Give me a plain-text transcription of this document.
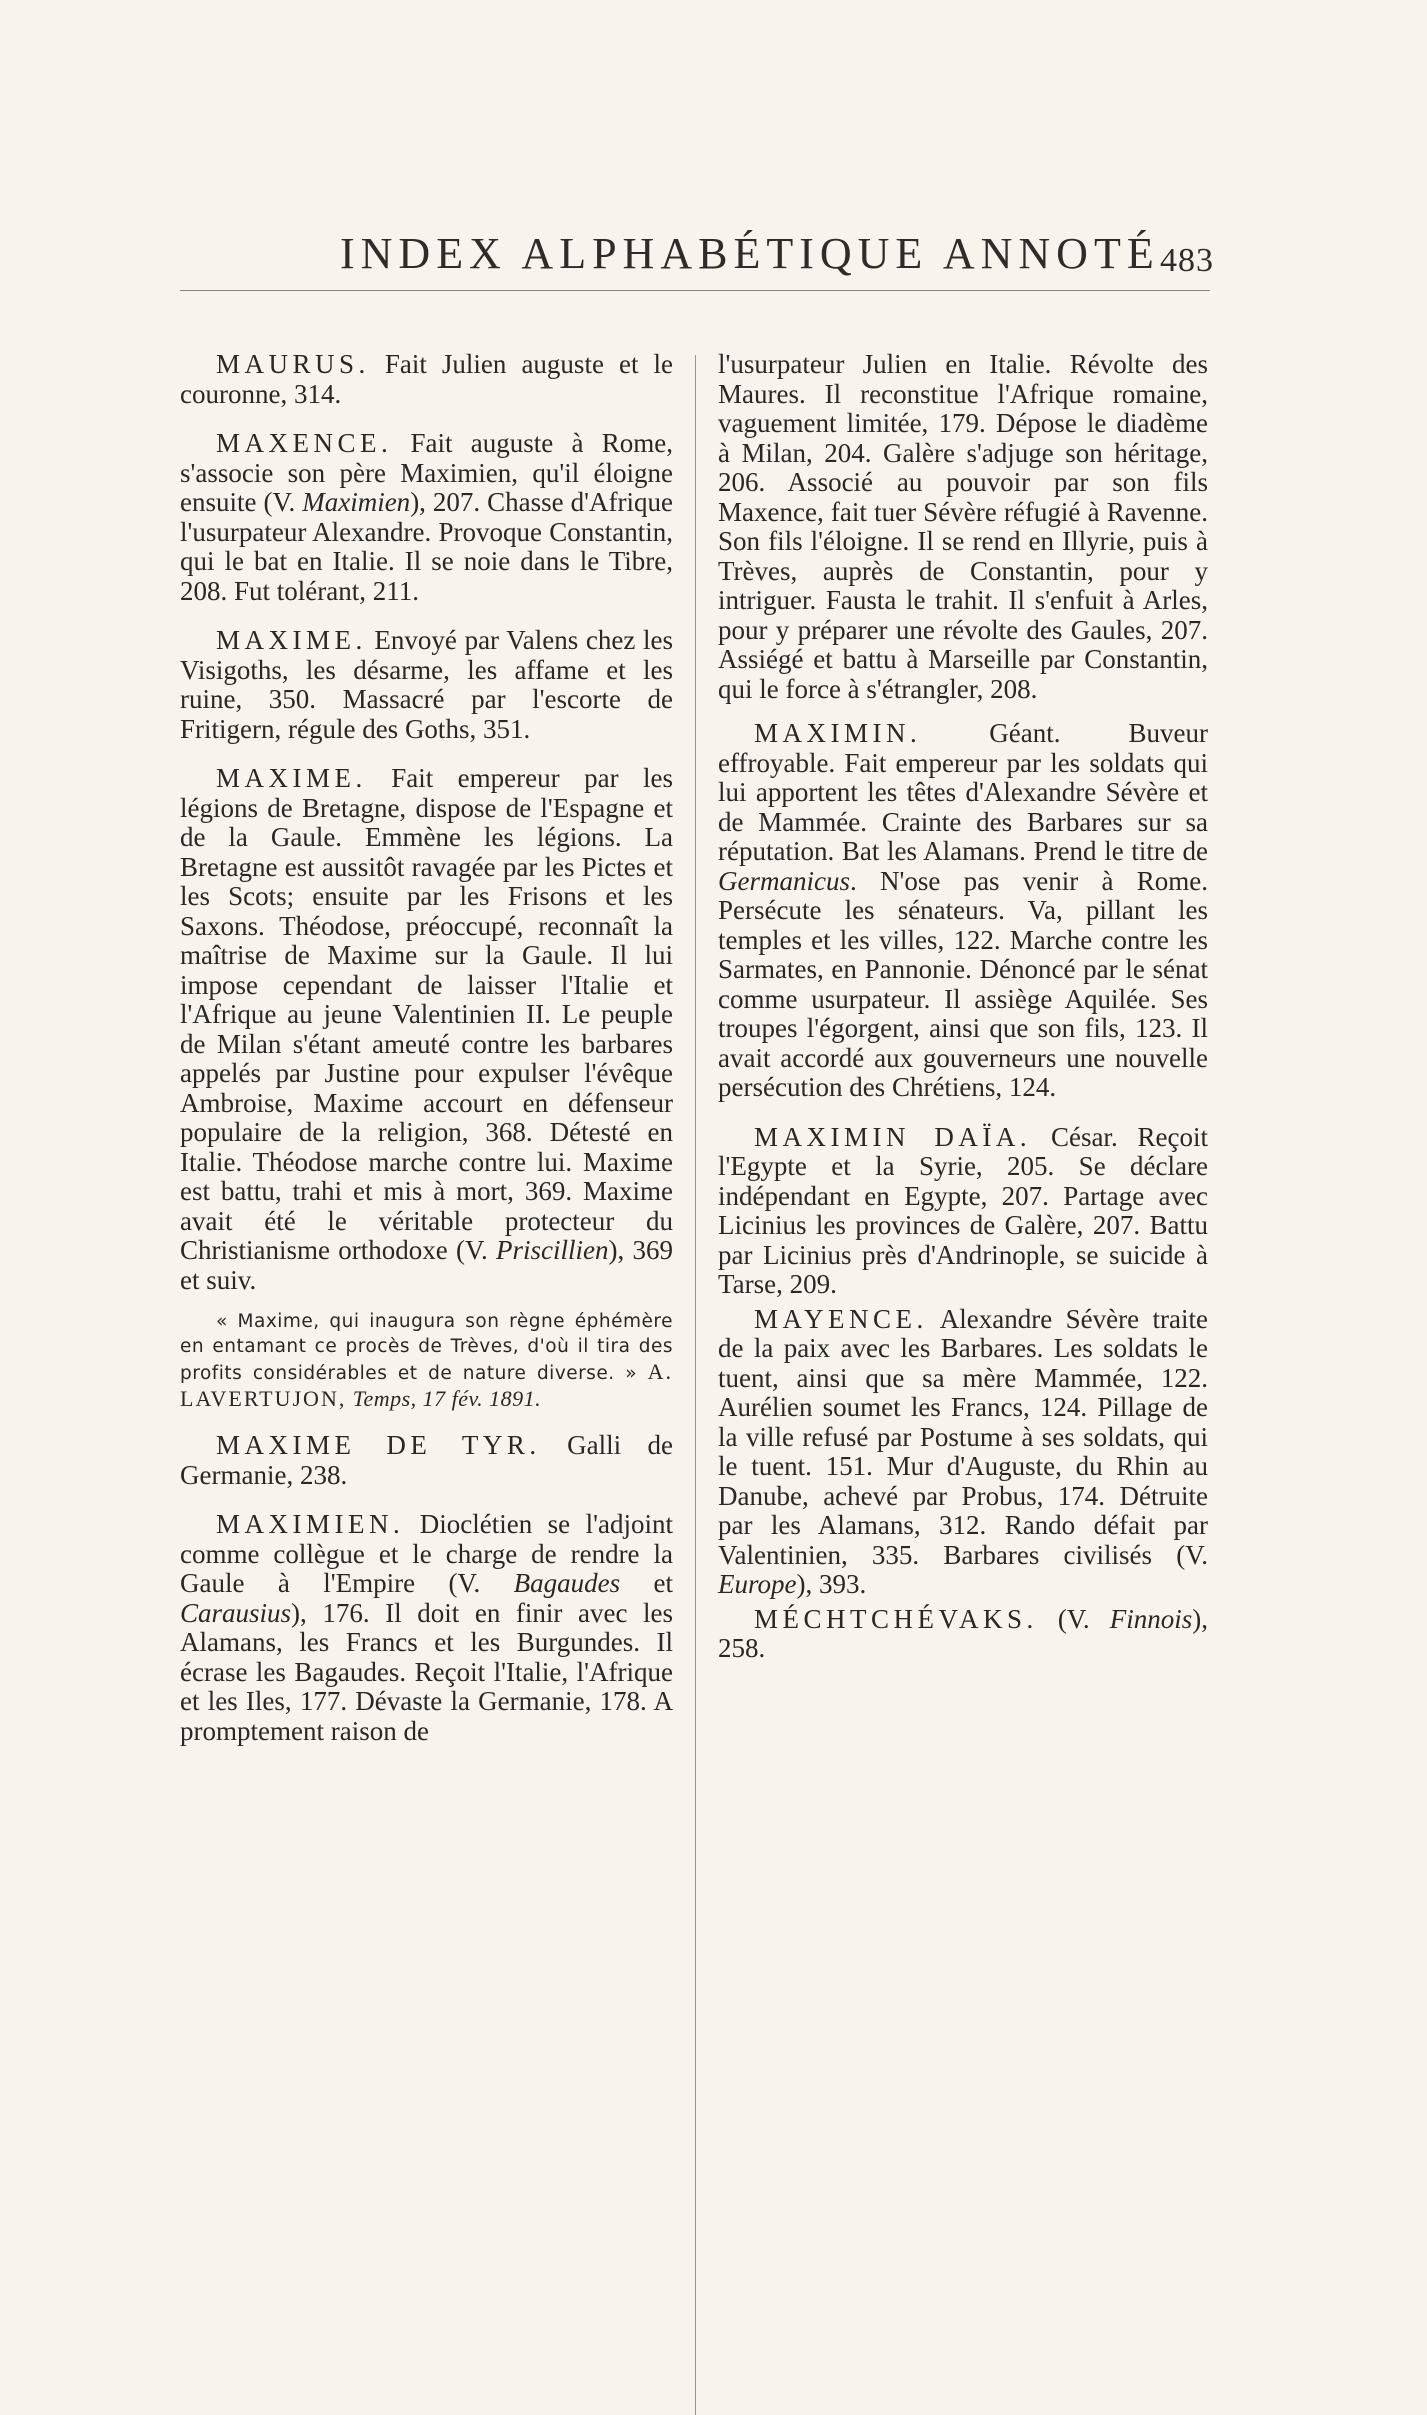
INDEX ALPHABÉTIQUE ANNOTÉ 483

MAURUS. Fait Julien auguste et le couronne, 314.

MAXENCE. Fait auguste à Rome, s'associe son père Maximien, qu'il éloigne ensuite (V. Maximien), 207. Chasse d'Afrique l'usurpateur Alexandre. Provoque Constantin, qui le bat en Italie. Il se noie dans le Tibre, 208. Fut tolérant, 211.

MAXIME. Envoyé par Valens chez les Visigoths, les désarme, les affame et les ruine, 350. Massacré par l'escorte de Fritigern, régule des Goths, 351.

MAXIME. Fait empereur par les légions de Bretagne, dispose de l'Espagne et de la Gaule. Emmène les légions. La Bretagne est aussitôt ravagée par les Pictes et les Scots; ensuite par les Frisons et les Saxons. Théodose, préoccupé, reconnaît la maîtrise de Maxime sur la Gaule. Il lui impose cependant de laisser l'Italie et l'Afrique au jeune Valentinien II. Le peuple de Milan s'étant ameuté contre les barbares appelés par Justine pour expulser l'évêque Ambroise, Maxime accourt en défenseur populaire de la religion, 368. Détesté en Italie. Théodose marche contre lui. Maxime est battu, trahi et mis à mort, 369. Maxime avait été le véritable protecteur du Christianisme orthodoxe (V. Priscillien), 369 et suiv.

« Maxime, qui inaugura son règne éphémère en entamant ce procès de Trèves, d'où il tira des profits considérables et de nature diverse. » A. LAVERTUJON, Temps, 17 fév. 1891.

MAXIME DE TYR. Galli de Germanie, 238.

MAXIMIEN. Dioclétien se l'adjoint comme collègue et le charge de rendre la Gaule à l'Empire (V. Bagaudes et Carausius), 176. Il doit en finir avec les Alamans, les Francs et les Burgundes. Il écrase les Bagaudes. Reçoit l'Italie, l'Afrique et les Iles, 177. Dévaste la Germanie, 178. A promptement raison de

l'usurpateur Julien en Italie. Révolte des Maures. Il reconstitue l'Afrique romaine, vaguement limitée, 179. Dépose le diadème à Milan, 204. Galère s'adjuge son héritage, 206. Associé au pouvoir par son fils Maxence, fait tuer Sévère réfugié à Ravenne. Son fils l'éloigne. Il se rend en Illyrie, puis à Trèves, auprès de Constantin, pour y intriguer. Fausta le trahit. Il s'enfuit à Arles, pour y préparer une révolte des Gaules, 207. Assiégé et battu à Marseille par Constantin, qui le force à s'étrangler, 208.

MAXIMIN.	Géant. Buveur effroyable. Fait empereur par les soldats qui lui apportent les têtes d'Alexandre Sévère et de Mammée. Crainte des Barbares sur sa réputation. Bat les Alamans. Prend le titre de Germanicus. N'ose pas venir à Rome. Persécute les sénateurs. Va, pillant les temples et les villes, 122. Marche contre les Sarmates, en Pannonie. Dénoncé par le sénat comme usurpateur. Il assiège Aquilée. Ses troupes l'égorgent, ainsi que son fils, 123. Il avait accordé aux gouverneurs une nouvelle persécution des Chrétiens, 124.

MAXIMIN DAÏA. César. Reçoit l'Egypte et la Syrie, 205. Se déclare indépendant en Egypte, 207. Partage avec Licinius les provinces de Galère, 207. Battu par Licinius près d'Andrinople, se suicide à Tarse, 209.

MAYENCE. Alexandre Sévère traite de la paix avec les Barbares. Les soldats le tuent, ainsi que sa mère Mammée, 122. Aurélien soumet les Francs, 124. Pillage de la ville refusé par Postume à ses soldats, qui le tuent. 151. Mur d'Auguste, du Rhin au Danube, achevé par Probus, 174. Détruite par les Alamans, 312. Rando défait par Valentinien, 335. Barbares civilisés (V. Europe), 393.

MÉCHTCHÉVAKS. (V. Finnois), 258.
